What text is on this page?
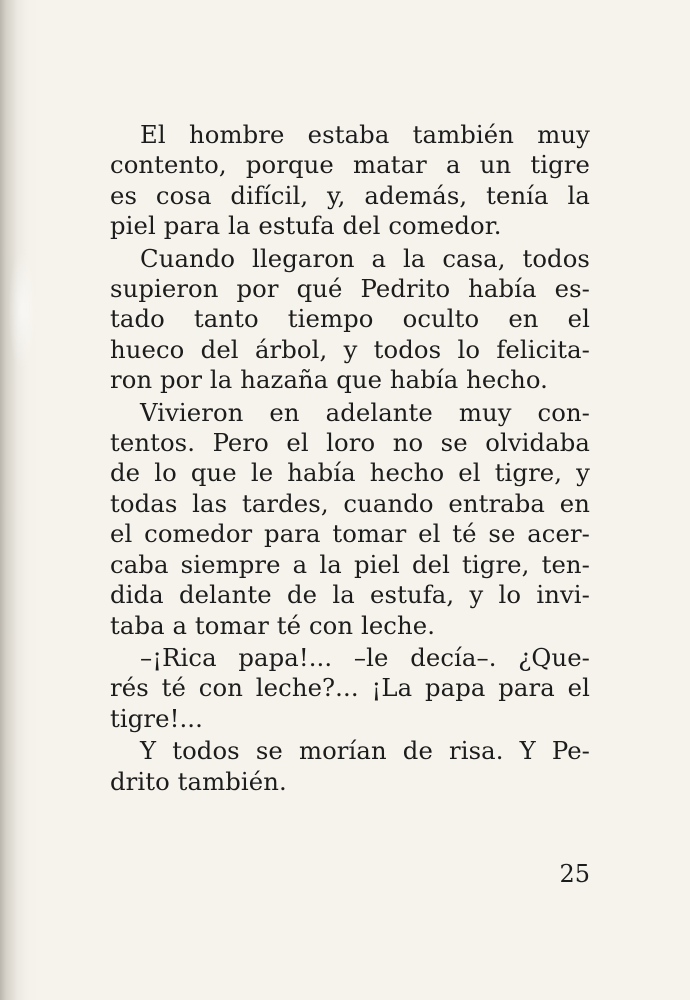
El hombre estaba también muy
contento, porque matar a un tigre
es cosa difícil, y, además, tenía la
piel para la estufa del comedor.
Cuando llegaron a la casa, todos
supieron por qué Pedrito había es-
tado tanto tiempo oculto en el
hueco del árbol, y todos lo felicita-
ron por la hazaña que había hecho.
Vivieron en adelante muy con-
tentos. Pero el loro no se olvidaba
de lo que le había hecho el tigre, y
todas las tardes, cuando entraba en
el comedor para tomar el té se acer-
caba siempre a la piel del tigre, ten-
dida delante de la estufa, y lo invi-
taba a tomar té con leche.
–¡Rica papa!... –le decía–. ¿Que-
rés té con leche?... ¡La papa para el
tigre!...
Y todos se morían de risa. Y Pe-
drito también.
25
